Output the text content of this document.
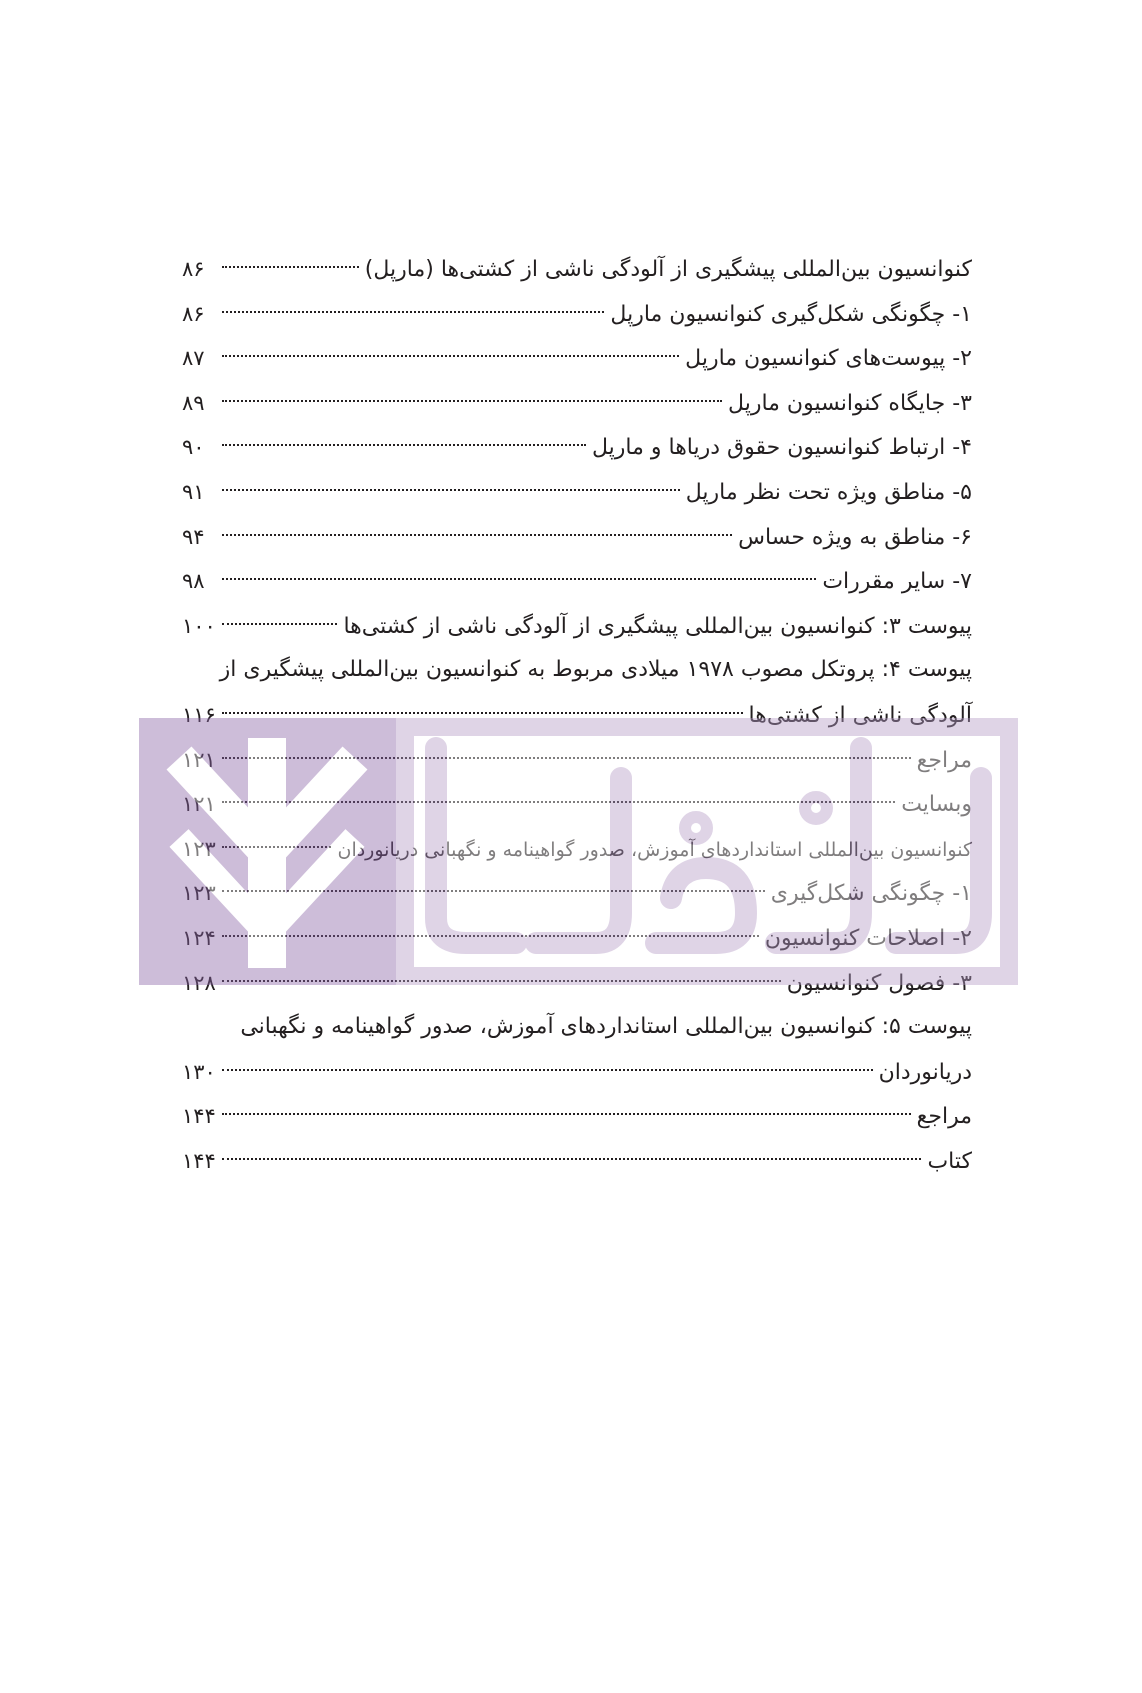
کنوانسیون بین‌المللی پیشگیری از آلودگی ناشی از کشتی‌ها (مارپل)
۸۶
۱- چگونگی شکل‌گیری کنوانسیون مارپل
۸۶
۲- پیوست‌های کنوانسیون مارپل
۸۷
۳- جایگاه کنوانسیون مارپل
۸۹
۴- ارتباط کنوانسیون حقوق دریاها و مارپل
۹۰
۵- مناطق ویژه تحت نظر مارپل
۹۱
۶- مناطق به ویژه حساس
۹۴
۷- سایر مقررات
۹۸
پیوست ۳: کنوانسیون بین‌المللی پیشگیری از آلودگی ناشی از کشتی‌ها
۱۰۰
پیوست ۴: پروتکل مصوب ۱۹۷۸ میلادی مربوط به کنوانسیون بین‌المللی پیشگیری از
آلودگی ناشی از کشتی‌ها
۱۱۶
مراجع
۱۲۱
وبسایت
۱۲۱
کنوانسیون بین‌المللی استانداردهای آموزش، صدور گواهینامه و نگهبانی دریانوردان
۱۲۳
۱- چگونگی شکل‌گیری
۱۲۳
۲- اصلاحات کنوانسیون
۱۲۴
۳- فصول کنوانسیون
۱۲۸
پیوست ۵: کنوانسیون بین‌المللی استانداردهای آموزش، صدور گواهینامه و نگهبانی
دریانوردان
۱۳۰
مراجع
۱۴۴
کتاب
۱۴۴
